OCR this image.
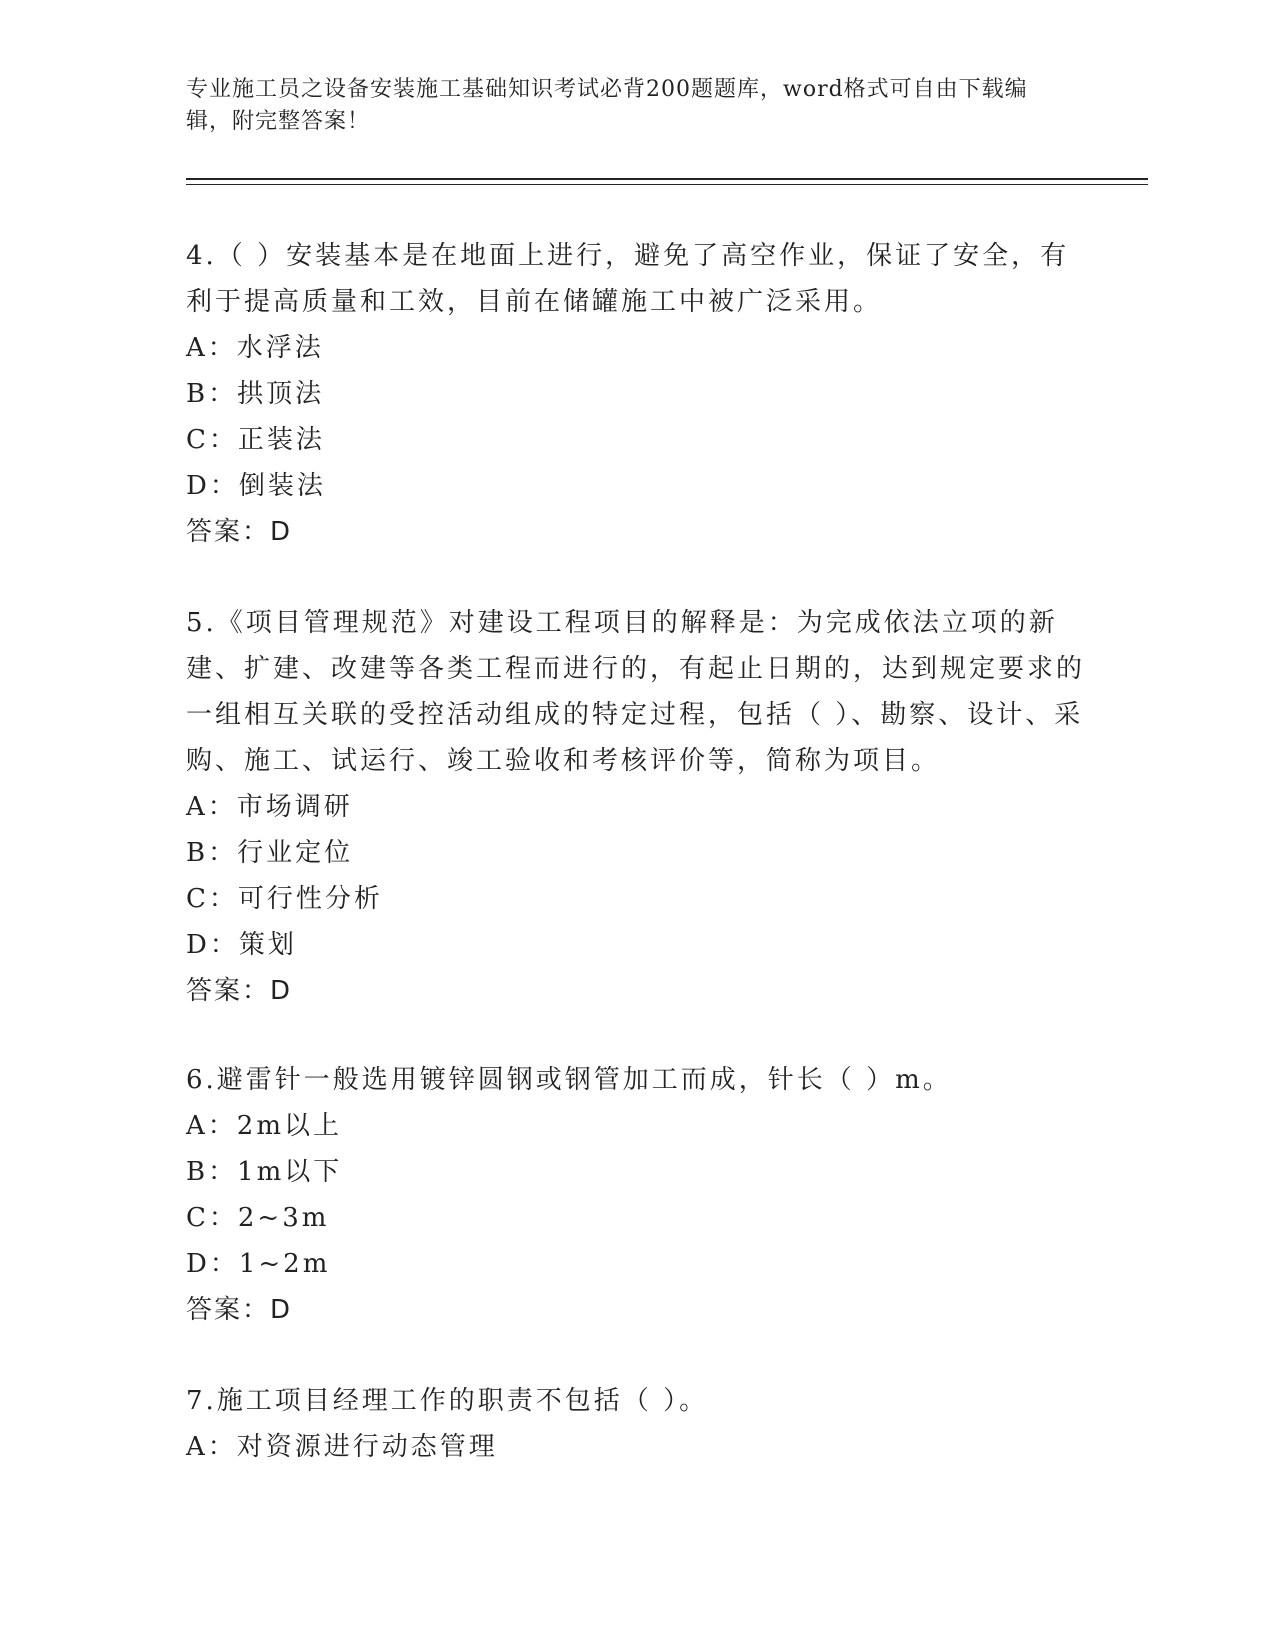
专业施工员之设备安装施工基础知识考试必背200题题库，word格式可自由下载编辑，附完整答案！

4.（ ）安装基本是在地面上进行，避免了高空作业，保证了安全，有利于提高质量和工效，目前在储罐施工中被广泛采用。

A：水浮法

B：拱顶法

C：正装法

D：倒装法

答案：D

5.《项目管理规范》对建设工程项目的解释是：为完成依法立项的新建、扩建、改建等各类工程而进行的，有起止日期的，达到规定要求的一组相互关联的受控活动组成的特定过程，包括（ ）、勘察、设计、采购、施工、试运行、竣工验收和考核评价等，简称为项目。

A：市场调研

B：行业定位

C：可行性分析

D：策划

答案：D

6.避雷针一般选用镀锌圆钢或钢管加工而成，针长（ ）m。

A：2m以上

B：1m以下

C：2~3m

D：1~2m

答案：D

7.施工项目经理工作的职责不包括（ ）。

A：对资源进行动态管理
